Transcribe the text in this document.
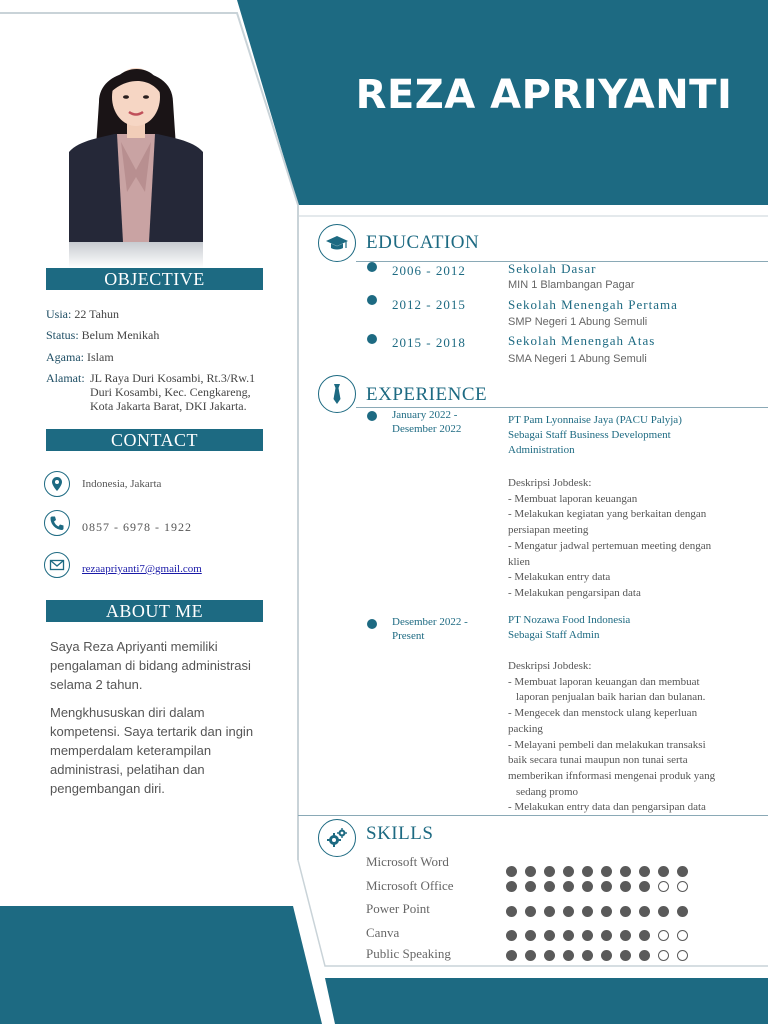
REZA APRIYANTI
OBJECTIVE
Usia: 22 Tahun
Status: Belum Menikah
Agama: Islam
Alamat: JL Raya Duri Kosambi, Rt.3/Rw.1
Duri Kosambi, Kec. Cengkareng,
Kota Jakarta Barat, DKI Jakarta.
CONTACT
Indonesia, Jakarta
0857 - 6978 - 1922
rezaapriyanti7@gmail.com
ABOUT ME
Saya Reza Apriyanti memiliki pengalaman di bidang administrasi selama 2 tahun.
Mengkhususkan diri dalam kompetensi. Saya tertarik dan ingin memperdalam keterampilan administrasi, pelatihan dan pengembangan diri.
EDUCATION
2006 - 2012	Sekolah Dasar
MIN 1 Blambangan Pagar
2012 - 2015	Sekolah Menengah Pertama
SMP Negeri 1 Abung Semuli
2015 - 2018	Sekolah Menengah Atas
SMA Negeri 1 Abung Semuli
EXPERIENCE
January 2022 -
Desember 2022
PT Pam Lyonnaise Jaya (PACU Palyja)
Sebagai Staff Business Development
Administration
Deskripsi Jobdesk:
- Membuat laporan keuangan
- Melakukan kegiatan yang berkaitan dengan
persiapan meeting
- Mengatur jadwal pertemuan meeting dengan
klien
- Melakukan entry data
- Melakukan pengarsipan data
Desember 2022 -
Present
PT Nozawa Food Indonesia
Sebagai Staff Admin
Deskripsi Jobdesk:
- Membuat laporan keuangan dan membuat
laporan penjualan baik harian dan bulanan.
- Mengecek dan menstock ulang keperluan
packing
- Melayani pembeli dan melakukan transaksi
baik secara tunai maupun non tunai serta
memberikan ifnformasi mengenai produk yang
sedang promo
- Melakukan entry data dan pengarsipan data
SKILLS
Microsoft Word
Microsoft Office
Power Point
Canva
Public Speaking
